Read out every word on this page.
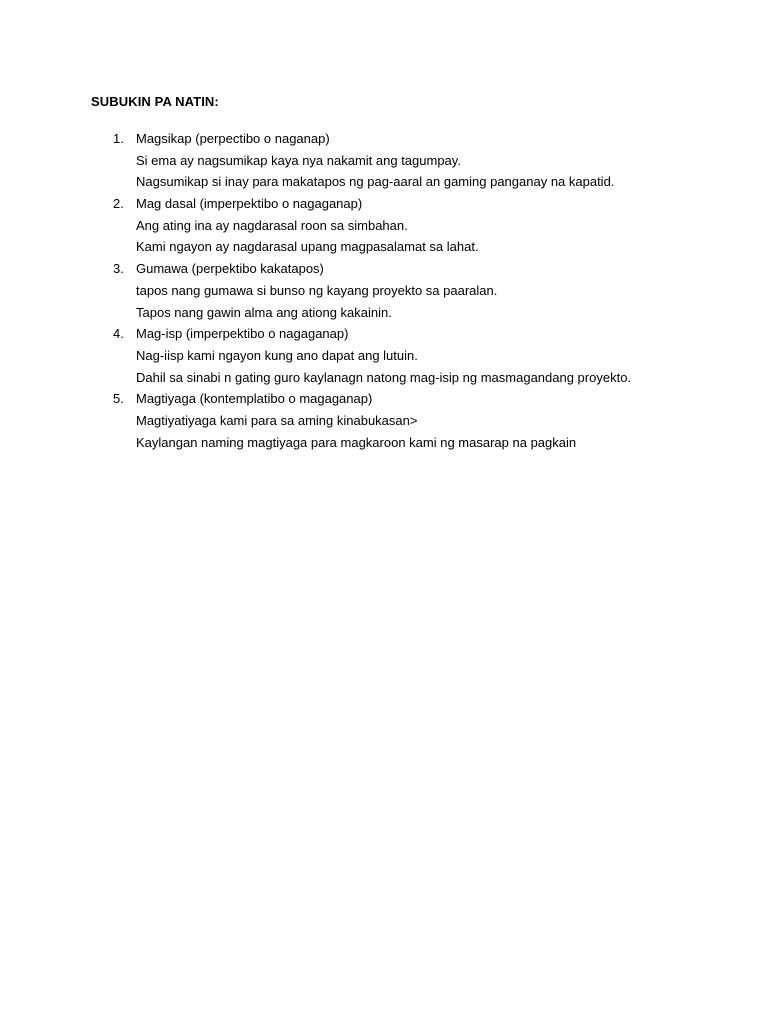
SUBUKIN PA NATIN:
1. Magsikap (perpectibo o naganap)
Si ema ay nagsumikap kaya nya nakamit ang tagumpay.
Nagsumikap si inay para makatapos ng pag-aaral an gaming panganay na kapatid.
2. Mag dasal (imperpektibo o nagaganap)
Ang ating ina ay nagdarasal roon sa simbahan.
Kami ngayon ay nagdarasal upang magpasalamat sa lahat.
3. Gumawa (perpektibo kakatapos)
tapos nang gumawa si bunso ng kayang proyekto sa paaralan.
Tapos nang gawin alma ang ationg kakainin.
4. Mag-isp (imperpektibo o nagaganap)
Nag-iisp kami ngayon kung ano dapat ang lutuin.
Dahil sa sinabi n gating guro kaylanagn natong mag-isip ng masmagandang proyekto.
5. Magtiyaga (kontemplatibo o magaganap)
Magtiyatiyaga kami para sa aming kinabukasan>
Kaylangan naming magtiyaga para magkaroon kami ng masarap na pagkain
